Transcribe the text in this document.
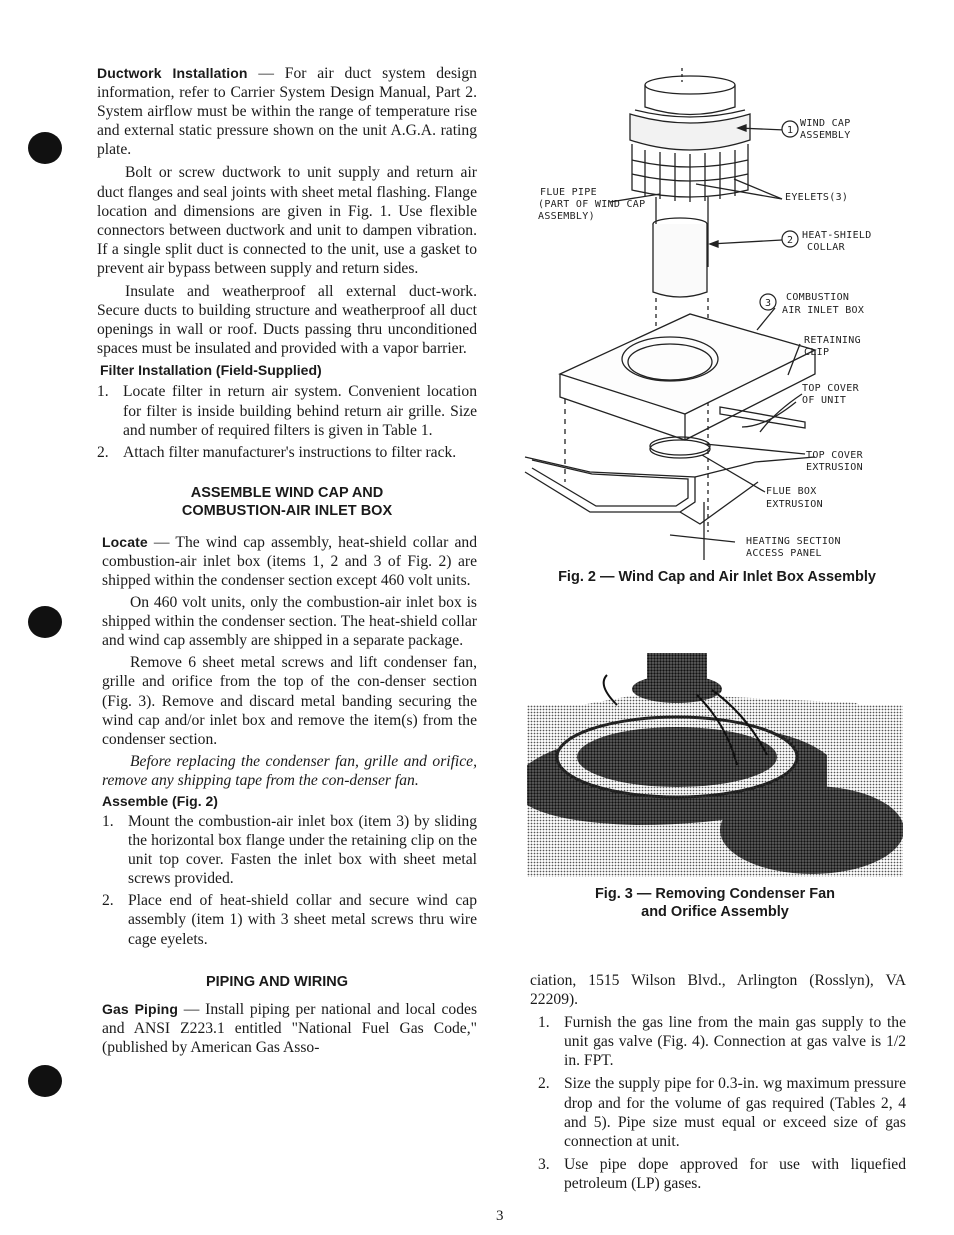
Ductwork Installation — For air duct system design information, refer to Carrier System Design Manual, Part 2. System airflow must be within the range of temperature rise and external static pressure shown on the unit A.G.A. rating plate.

Bolt or screw ductwork to unit supply and return air duct flanges and seal joints with sheet metal flashing. Flange location and dimensions are given in Fig. 1. Use flexible connectors between ductwork and unit to dampen vibration. If a single split duct is connected to the unit, use a gasket to prevent air bypass between supply and return sides.

Insulate and weatherproof all external duct-work. Secure ducts to building structure and weatherproof all duct openings in wall or roof. Ducts passing thru unconditioned spaces must be insulated and provided with a vapor barrier.

Filter Installation (Field-Supplied)
1. Locate filter in return air system. Convenient location for filter is inside building behind return air grille. Size and number of required filters is given in Table 1.
2. Attach filter manufacturer's instructions to filter rack.
ASSEMBLE WIND CAP AND
COMBUSTION-AIR INLET BOX

Locate — The wind cap assembly, heat-shield collar and combustion-air inlet box (items 1, 2 and 3 of Fig. 2) are shipped within the condenser section except 460 volt units.

On 460 volt units, only the combustion-air inlet box is shipped within the condenser section. The heat-shield collar and wind cap assembly are shipped in a separate package.

Remove 6 sheet metal screws and lift condenser fan, grille and orifice from the top of the con-denser section (Fig. 3). Remove and discard metal banding securing the wind cap and/or inlet box and remove the item(s) from the condenser section.

Before replacing the condenser fan, grille and orifice, remove any shipping tape from the con-denser fan.

Assemble (Fig. 2)
1. Mount the combustion-air inlet box (item 3) by sliding the horizontal box flange under the retaining clip on the unit top cover. Fasten the inlet box with sheet metal screws provided.
2. Place end of heat-shield collar and secure wind cap assembly (item 1) with 3 sheet metal screws thru wire cage eyelets.
PIPING AND WIRING

Gas Piping — Install piping per national and local codes and ANSI Z223.1 entitled "National Fuel Gas Code," (published by American Gas Asso-

1
2
3
WIND CAP
ASSEMBLY
FLUE PIPE
(PART OF WIND CAP
ASSEMBLY)
EYELETS(3)
HEAT-SHIELD
COLLAR
COMBUSTION
AIR INLET BOX
RETAINING
CLIP
TOP COVER
OF UNIT
TOP COVER
EXTRUSION
FLUE BOX
EXTRUSION
HEATING SECTION
ACCESS PANEL
Fig. 2 — Wind Cap and Air Inlet Box Assembly
Fig. 3 — Removing Condenser Fan
and Orifice Assembly

ciation, 1515 Wilson Blvd., Arlington (Rosslyn), VA 22209).

1. Furnish the gas line from the main gas supply to the unit gas valve (Fig. 4). Connection at gas valve is 1/2 in. FPT.
2. Size the supply pipe for 0.3-in. wg maximum pressure drop and for the volume of gas required (Tables 2, 4 and 5). Pipe size must equal or exceed size of gas connection at unit.
3. Use pipe dope approved for use with liquefied petroleum (LP) gases.
3
